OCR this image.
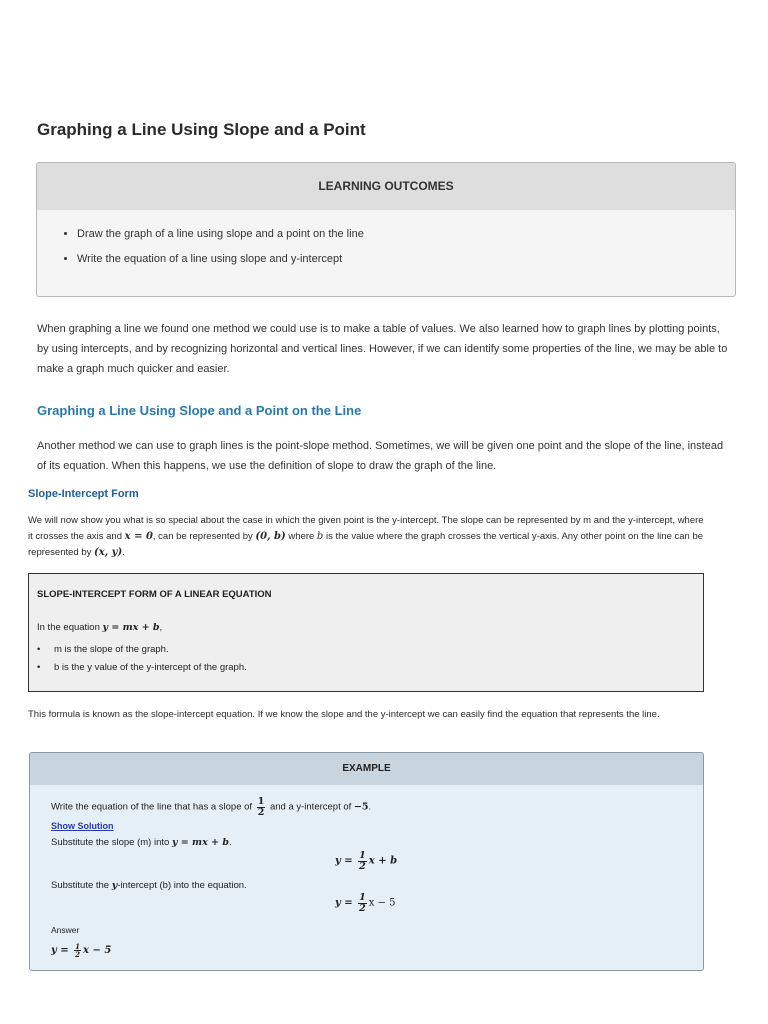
Graphing a Line Using Slope and a Point
LEARNING OUTCOMES
• Draw the graph of a line using slope and a point on the line
• Write the equation of a line using slope and y-intercept

When graphing a line we found one method we could use is to make a table of values. We also learned how to graph lines by plotting points, by using intercepts, and by recognizing horizontal and vertical lines. However, if we can identify some properties of the line, we may be able to make a graph much quicker and easier.

Graphing a Line Using Slope and a Point on the Line

Another method we can use to graph lines is the point-slope method. Sometimes, we will be given one point and the slope of the line, instead of its equation. When this happens, we use the definition of slope to draw the graph of the line.

Slope-Intercept Form

We will now show you what is so special about the case in which the given point is the y-intercept. The slope can be represented by m and the y-intercept, where it crosses the axis and x = 0, can be represented by (0, b) where b is the value where the graph crosses the vertical y-axis. Any other point on the line can be represented by (x, y).

SLOPE-INTERCEPT FORM OF A LINEAR EQUATION
In the equation y = mx + b,
• m is the slope of the graph.
• b is the y value of the y-intercept of the graph.

This formula is known as the slope-intercept equation. If we know the slope and the y-intercept we can easily find the equation that represents the line.

EXAMPLE
Write the equation of the line that has a slope of $\frac{1}{2}$ and a y-intercept of −5.
Show Solution
Substitute the slope (m) into y = mx + b.
$y = \frac{1}{2}$ x + b
Substitute the y-intercept (b) into the equation.
$y = \frac{1}{2}$ x − 5
Answer
$y = \frac{1}{2}$ x − 5
